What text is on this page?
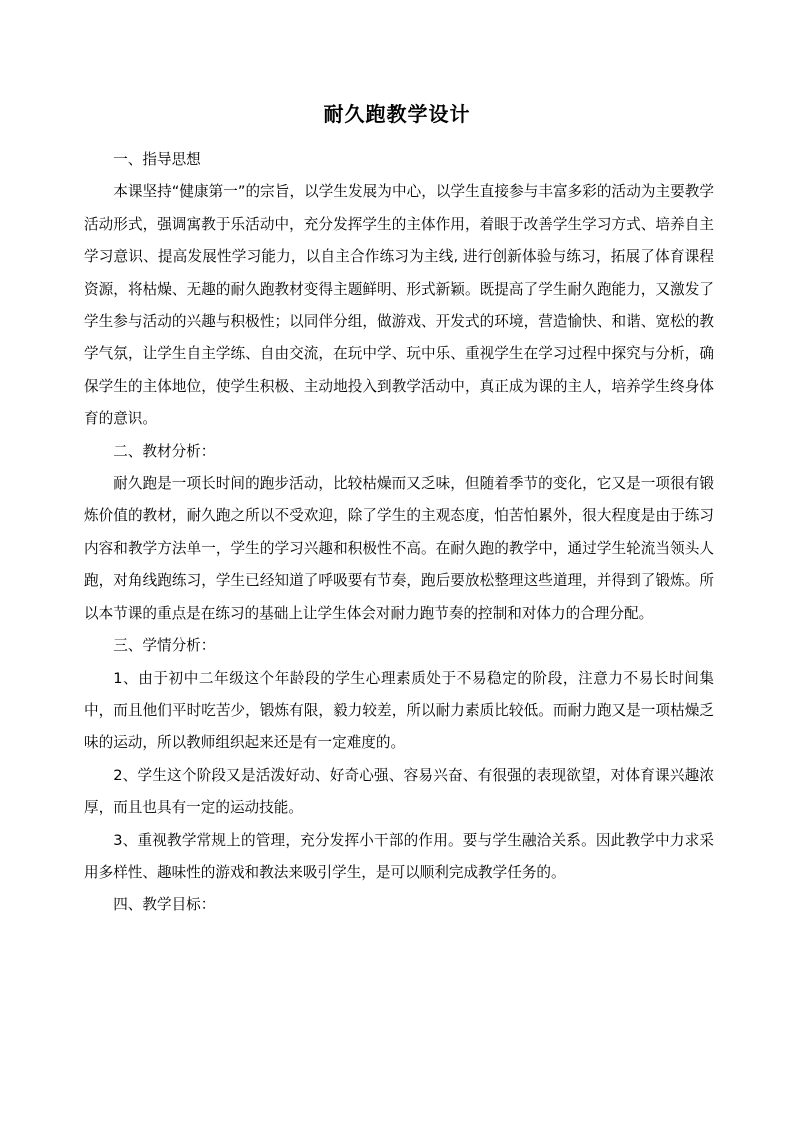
耐久跑教学设计

一、指导思想

本课坚持“健康第一”的宗旨，以学生发展为中心，以学生直接参与丰富多彩的活动为主要教学活动形式，强调寓教于乐活动中，充分发挥学生的主体作用，着眼于改善学生学习方式、培养自主学习意识、提高发展性学习能力，以自主合作练习为主线, 进行创新体验与练习，拓展了体育课程资源，将枯燥、无趣的耐久跑教材变得主题鲜明、形式新颖。既提高了学生耐久跑能力，又激发了学生参与活动的兴趣与积极性；以同伴分组，做游戏、开发式的环境，营造愉快、和谐、宽松的教学气氛，让学生自主学练、自由交流，在玩中学、玩中乐、重视学生在学习过程中探究与分析，确保学生的主体地位，使学生积极、主动地投入到教学活动中，真正成为课的主人，培养学生终身体育的意识。

二、教材分析：

耐久跑是一项长时间的跑步活动，比较枯燥而又乏味，但随着季节的变化，它又是一项很有锻炼价值的教材，耐久跑之所以不受欢迎，除了学生的主观态度，怕苦怕累外，很大程度是由于练习内容和教学方法单一，学生的学习兴趣和积极性不高。在耐久跑的教学中，通过学生轮流当领头人跑，对角线跑练习，学生已经知道了呼吸要有节奏，跑后要放松整理这些道理，并得到了锻炼。所以本节课的重点是在练习的基础上让学生体会对耐力跑节奏的控制和对体力的合理分配。

三、学情分析：

1、由于初中二年级这个年龄段的学生心理素质处于不易稳定的阶段，注意力不易长时间集中，而且他们平时吃苦少，锻炼有限，毅力较差，所以耐力素质比较低。而耐力跑又是一项枯燥乏味的运动，所以教师组织起来还是有一定难度的。

2、学生这个阶段又是活泼好动、好奇心强、容易兴奋、有很强的表现欲望，对体育课兴趣浓厚，而且也具有一定的运动技能。

3、重视教学常规上的管理，充分发挥小干部的作用。要与学生融洽关系。因此教学中力求采用多样性、趣味性的游戏和教法来吸引学生，是可以顺利完成教学任务的。

四、教学目标：
